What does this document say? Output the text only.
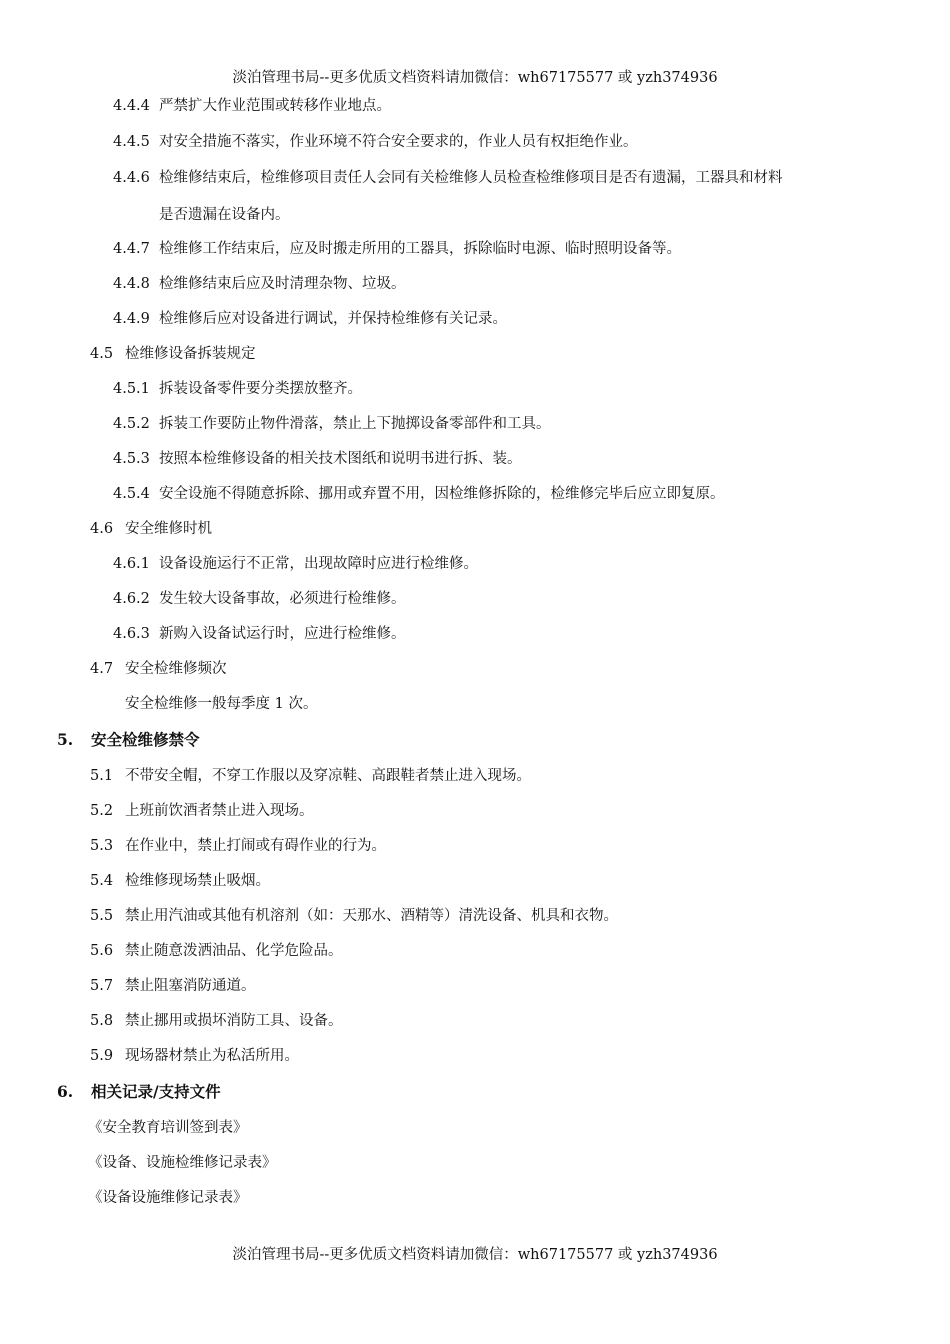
淡泊管理书局--更多优质文档资料请加微信：wh67175577 或 yzh374936
4.4.4 严禁扩大作业范围或转移作业地点。
4.4.5 对安全措施不落实，作业环境不符合安全要求的，作业人员有权拒绝作业。
4.4.6 检维修结束后，检维修项目责任人会同有关检维修人员检查检维修项目是否有遗漏，工器具和材料
是否遗漏在设备内。
4.4.7 检维修工作结束后，应及时搬走所用的工器具，拆除临时电源、临时照明设备等。
4.4.8 检维修结束后应及时清理杂物、垃圾。
4.4.9 检维修后应对设备进行调试，并保持检维修有关记录。
4.5 检维修设备拆装规定
4.5.1 拆装设备零件要分类摆放整齐。
4.5.2 拆装工作要防止物件滑落，禁止上下抛掷设备零部件和工具。
4.5.3 按照本检维修设备的相关技术图纸和说明书进行拆、装。
4.5.4 安全设施不得随意拆除、挪用或弃置不用，因检维修拆除的，检维修完毕后应立即复原。
4.6 安全维修时机
4.6.1 设备设施运行不正常，出现故障时应进行检维修。
4.6.2 发生较大设备事故，必须进行检维修。
4.6.3 新购入设备试运行时，应进行检维修。
4.7 安全检维修频次
安全检维修一般每季度 1 次。
5. 安全检维修禁令
5.1 不带安全帽，不穿工作服以及穿凉鞋、高跟鞋者禁止进入现场。
5.2 上班前饮酒者禁止进入现场。
5.3 在作业中，禁止打闹或有碍作业的行为。
5.4 检维修现场禁止吸烟。
5.5 禁止用汽油或其他有机溶剂（如：天那水、酒精等）清洗设备、机具和衣物。
5.6 禁止随意泼洒油品、化学危险品。
5.7 禁止阻塞消防通道。
5.8 禁止挪用或损坏消防工具、设备。
5.9 现场器材禁止为私活所用。
6. 相关记录/支持文件
《安全教育培训签到表》
《设备、设施检维修记录表》
《设备设施维修记录表》
淡泊管理书局--更多优质文档资料请加微信：wh67175577 或 yzh374936
